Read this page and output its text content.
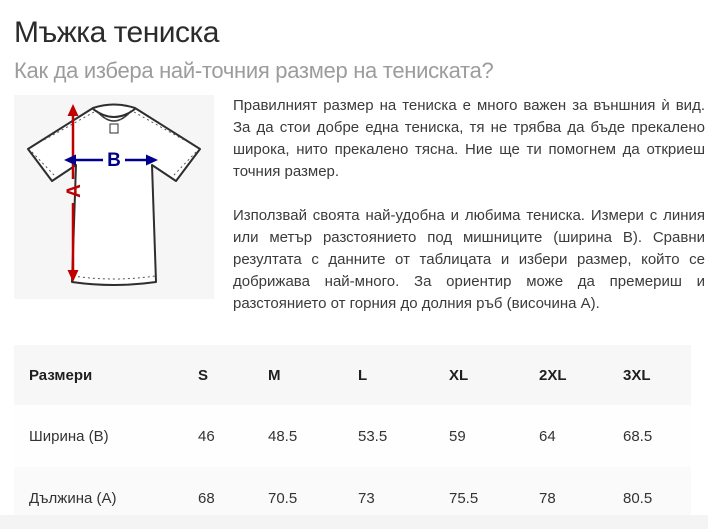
Мъжка тениска
Как да избера най-точния размер на тениската?
A
B

Правилният размер на тениска е много важен за външния ѝ вид. За да стои добре една тениска, тя не трябва да бъде прекалено широка, нито прекалено тясна. Ние ще ти помогнем да откриеш точния размер.

Използвай своята най-удобна и любима тениска. Измери с линия или метър разстоянието под мишниците (ширина B). Сравни резултата с данните от таблицата и избери размер, който се добрижава най-много. За ориентир може да премериш и разстоянието от горния до долния ръб (височина A).

Размери	S	M	L	XL	2XL	3XL
Ширина (B)	46	48.5	53.5	59	64	68.5
Дължина (A)	68	70.5	73	75.5	78	80.5
